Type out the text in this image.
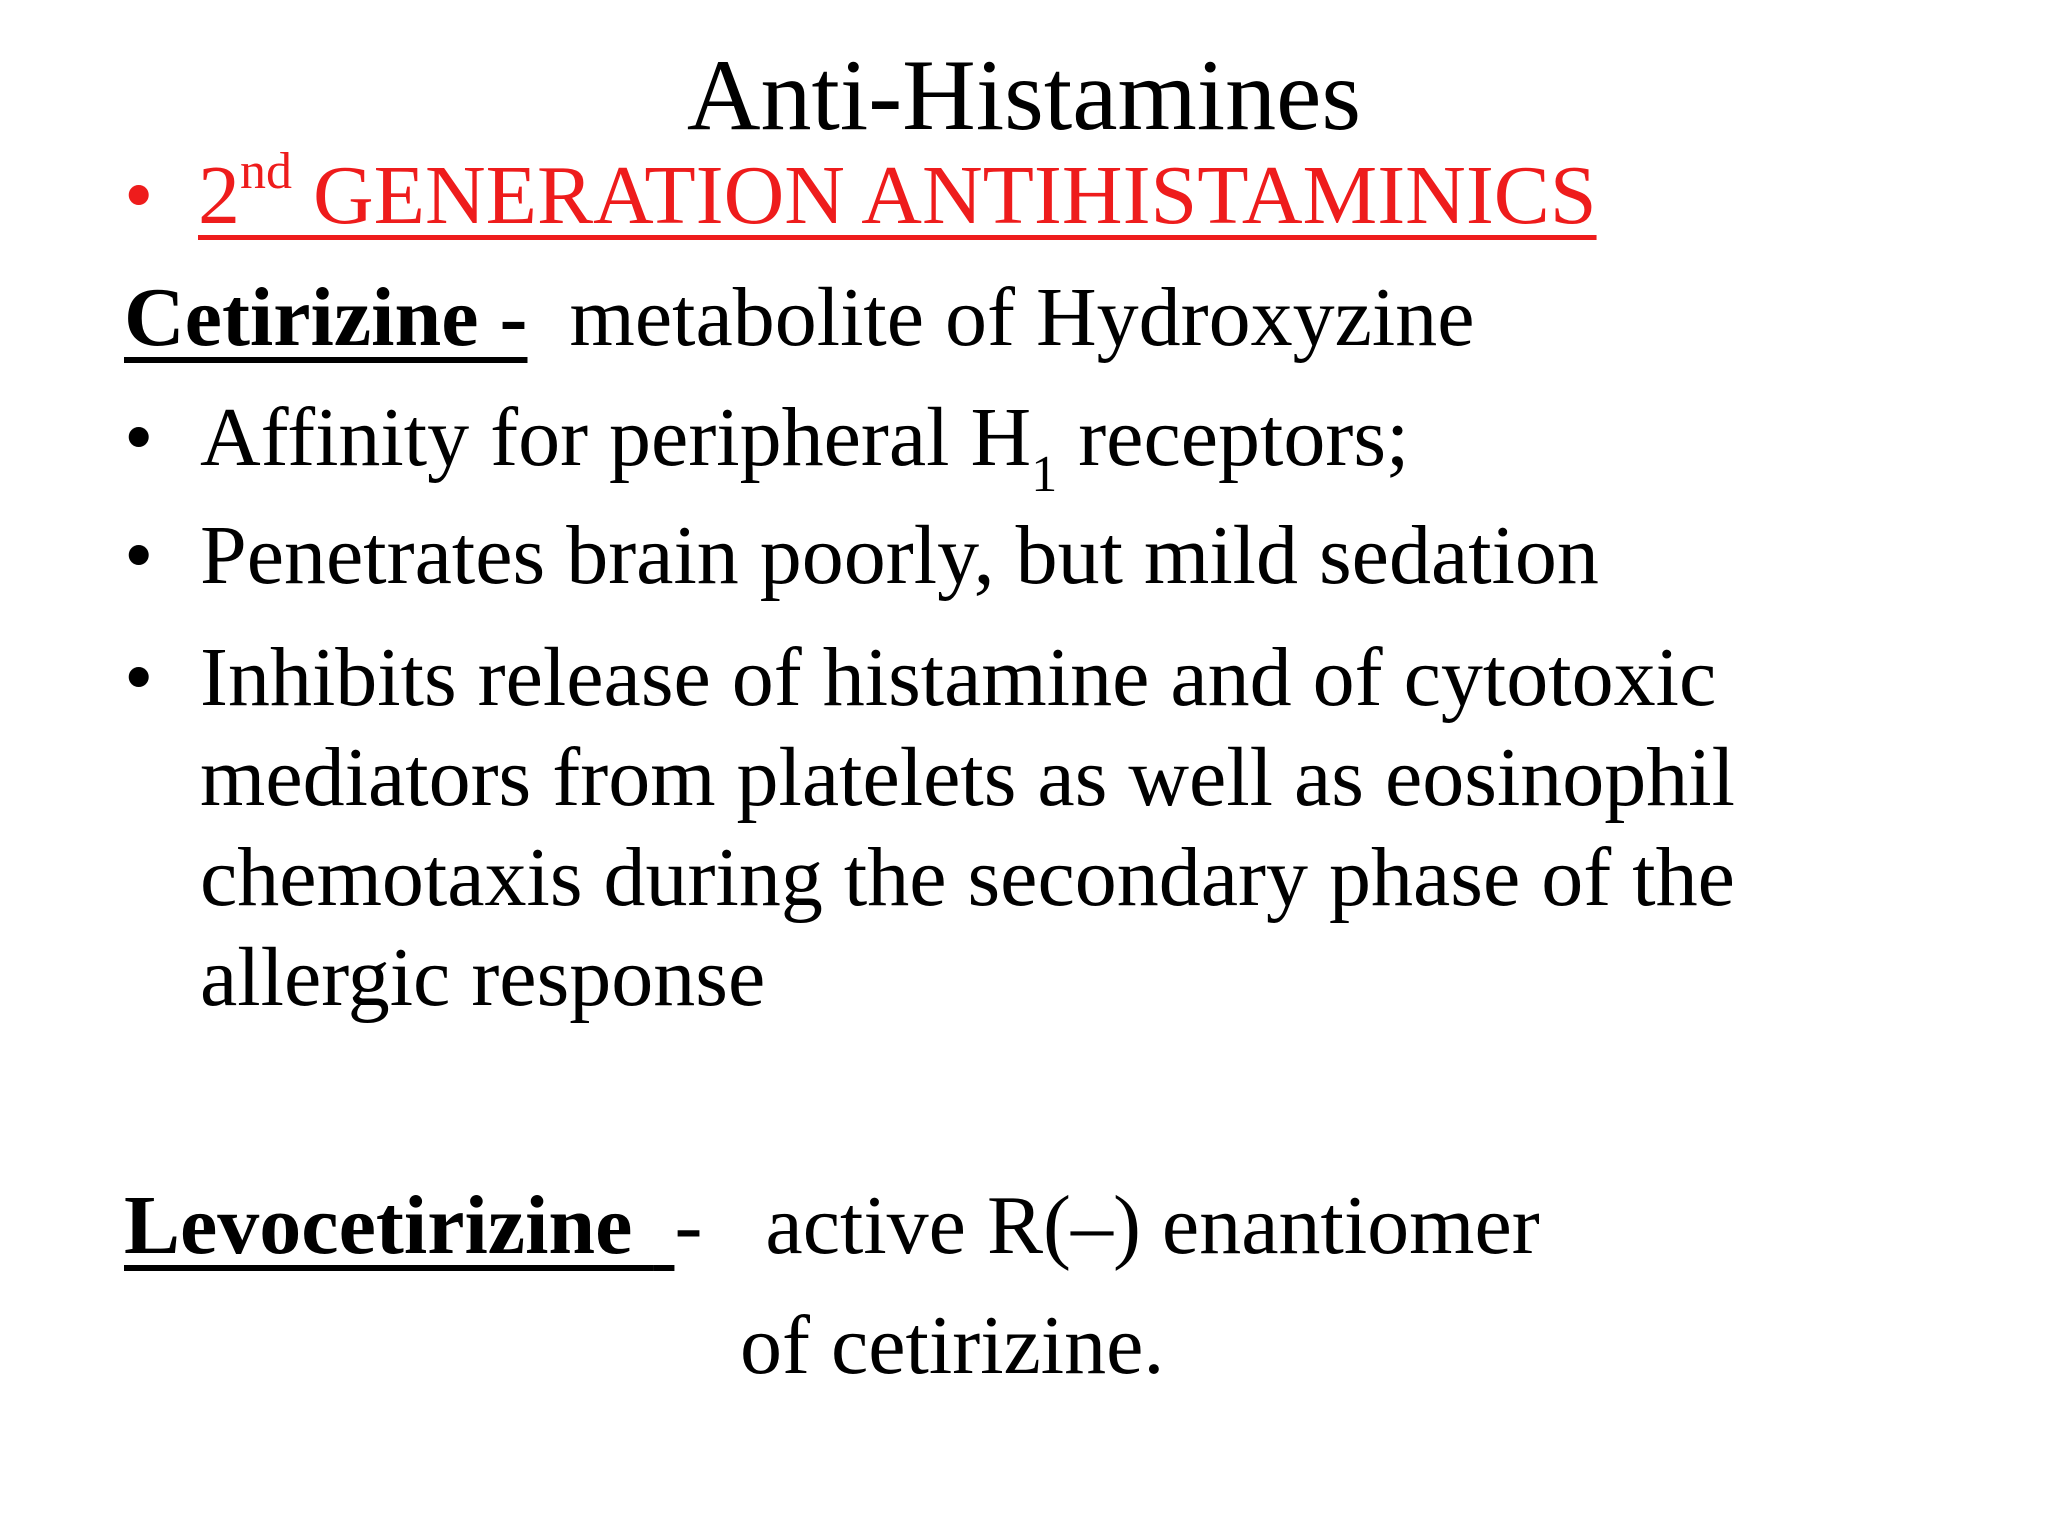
Anti-Histamines
• 2nd GENERATION ANTIHISTAMINICS
Cetirizine - metabolite of Hydroxyzine
• Affinity for peripheral $H_1$ receptors;
• Penetrates brain poorly, but mild sedation
• Inhibits release of histamine and of cytotoxic
mediators from platelets as well as eosinophil
chemotaxis during the secondary phase of the
allergic response
Levocetirizine  - active R(–) enantiomer
of cetirizine.
